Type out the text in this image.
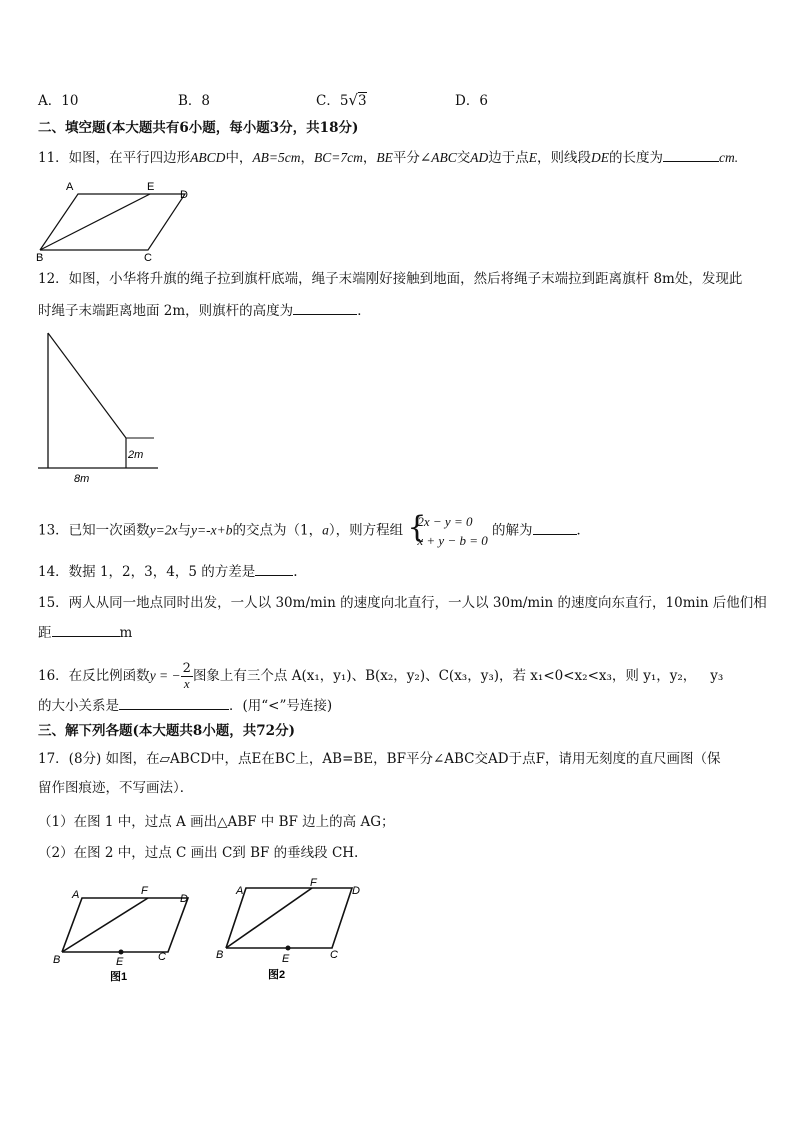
A．10	B．8	C．5√3	D．6
二、填空题(本大题共有6小题，每小题3分，共18分)
11．如图，在平行四边形ABCD中，AB=5cm，BC=7cm，BE平分∠ABC交AD边于点E，则线段DE的长度为	cm.
A	E
D
B	C
12．如图，小华将升旗的绳子拉到旗杆底端，绳子末端刚好接触到地面，然后将绳子末端拉到距离旗杆 8m处，发现此
时绳子末端距离地面 2m，则旗杆的高度为	．
2m
8m
13．已知一次函数y=2x与y=-x+b的交点为（1，a），则方程组 {
2x − y = 0
x + y − b = 0
的解为	．
14．数据 1，2，3，4，5 的方差是	.
15．两人从同一地点同时出发，一人以 30m/min 的速度向北直行，一人以 30m/min 的速度向东直行，10min 后他们相
距	m
16．在反比例函数y = − $\frac{2}{x}$ 图象上有三个点 A(x₁，y₁)、B(x₂，y₂)、C(x₃，y₃)，若 x₁<0<x₂<x₃，则 y₁，y₂， y₃
的大小关系是	．(用“<”号连接)
三、解下列各题(本大题共8小题，共72分)
17．(8分) 如图，在▱ABCD中，点E在BC上，AB=BE，BF平分∠ABC交AD于点F，请用无刻度的直尺画图（保
留作图痕迹，不写画法）．
（1）在图 1 中，过点 A 画出△ABF 中 BF 边上的高 AG；
（2）在图 2 中，过点 C 画出 C到 BF 的垂线段 CH.
A	F
D
B	E	C
图1
A
F
D
B	E	C
图2
